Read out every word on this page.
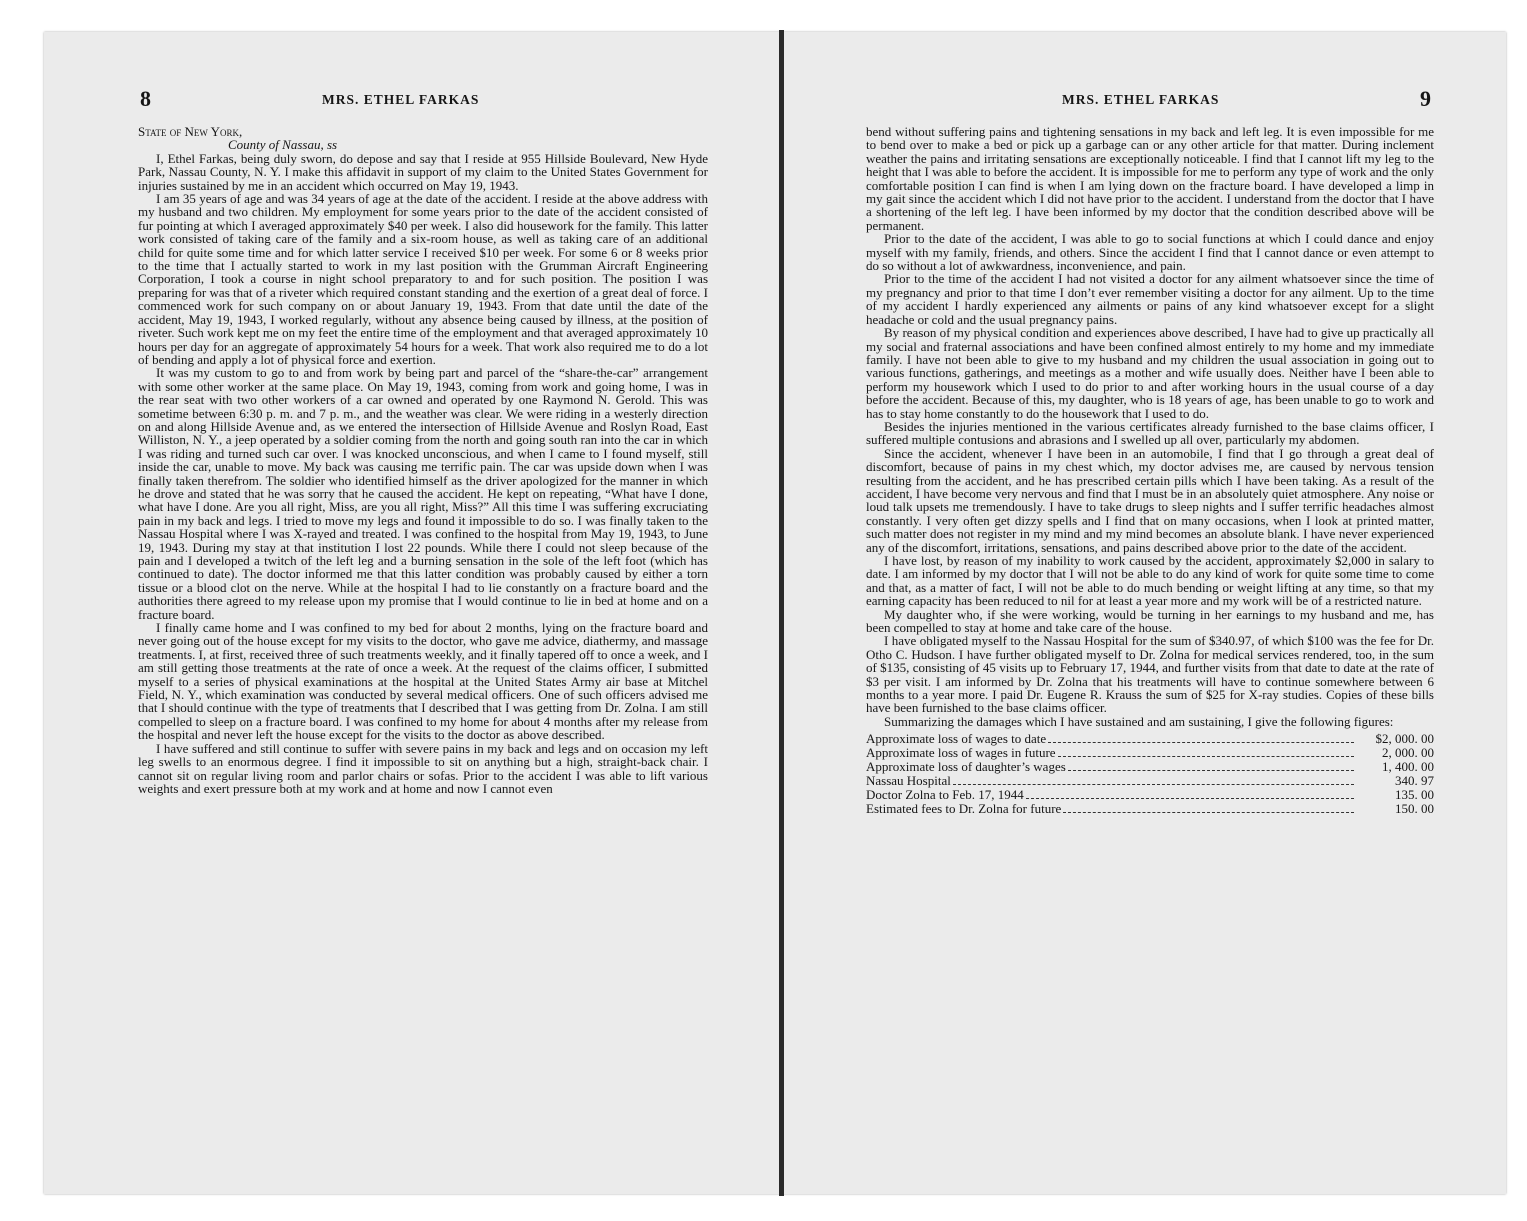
8	MRS. ETHEL FARKAS

State of New York,

County of Nassau, ss

I, Ethel Farkas, being duly sworn, do depose and say that I reside at 955 Hillside Boulevard, New Hyde Park, Nassau County, N. Y. I make this affidavit in support of my claim to the United States Government for injuries sustained by me in an accident which occurred on May 19, 1943.

I am 35 years of age and was 34 years of age at the date of the accident. I reside at the above address with my husband and two children. My employment for some years prior to the date of the accident consisted of fur pointing at which I averaged approximately $40 per week. I also did housework for the family. This latter work consisted of taking care of the family and a six-room house, as well as taking care of an additional child for quite some time and for which latter service I received $10 per week. For some 6 or 8 weeks prior to the time that I actually started to work in my last position with the Grumman Aircraft Engineering Corporation, I took a course in night school preparatory to and for such position. The position I was preparing for was that of a riveter which required constant standing and the exertion of a great deal of force. I commenced work for such company on or about January 19, 1943. From that date until the date of the accident, May 19, 1943, I worked regularly, without any absence being caused by illness, at the position of riveter. Such work kept me on my feet the entire time of the employment and that averaged approximately 10 hours per day for an aggregate of approximately 54 hours for a week. That work also required me to do a lot of bending and apply a lot of physical force and exertion.

It was my custom to go to and from work by being part and parcel of the “share-the-car” arrangement with some other worker at the same place. On May 19, 1943, coming from work and going home, I was in the rear seat with two other workers of a car owned and operated by one Raymond N. Gerold. This was sometime between 6:30 p. m. and 7 p. m., and the weather was clear. We were riding in a westerly direction on and along Hillside Avenue and, as we entered the intersection of Hillside Avenue and Roslyn Road, East Williston, N. Y., a jeep operated by a soldier coming from the north and going south ran into the car in which I was riding and turned such car over. I was knocked unconscious, and when I came to I found myself, still inside the car, unable to move. My back was causing me terrific pain. The car was upside down when I was finally taken therefrom. The soldier who identified himself as the driver apologized for the manner in which he drove and stated that he was sorry that he caused the accident. He kept on repeating, “What have I done, what have I done. Are you all right, Miss, are you all right, Miss?” All this time I was suffering excruciating pain in my back and legs. I tried to move my legs and found it impossible to do so. I was finally taken to the Nassau Hospital where I was X-rayed and treated. I was confined to the hospital from May 19, 1943, to June 19, 1943. During my stay at that institution I lost 22 pounds. While there I could not sleep because of the pain and I developed a twitch of the left leg and a burning sensation in the sole of the left foot (which has continued to date). The doctor informed me that this latter condition was probably caused by either a torn tissue or a blood clot on the nerve. While at the hospital I had to lie constantly on a fracture board and the authorities there agreed to my release upon my promise that I would continue to lie in bed at home and on a fracture board.

I finally came home and I was confined to my bed for about 2 months, lying on the fracture board and never going out of the house except for my visits to the doctor, who gave me advice, diathermy, and massage treatments. I, at first, received three of such treatments weekly, and it finally tapered off to once a week, and I am still getting those treatments at the rate of once a week. At the request of the claims officer, I submitted myself to a series of physical examinations at the hospital at the United States Army air base at Mitchel Field, N. Y., which examination was conducted by several medical officers. One of such officers advised me that I should continue with the type of treatments that I described that I was getting from Dr. Zolna. I am still compelled to sleep on a fracture board. I was confined to my home for about 4 months after my release from the hospital and never left the house except for the visits to the doctor as above described.

I have suffered and still continue to suffer with severe pains in my back and legs and on occasion my left leg swells to an enormous degree. I find it impossible to sit on anything but a high, straight-back chair. I cannot sit on regular living room and parlor chairs or sofas. Prior to the accident I was able to lift various weights and exert pressure both at my work and at home and now I cannot even

MRS. ETHEL FARKAS	9

bend without suffering pains and tightening sensations in my back and left leg. It is even impossible for me to bend over to make a bed or pick up a garbage can or any other article for that matter. During inclement weather the pains and irritating sensations are exceptionally noticeable. I find that I cannot lift my leg to the height that I was able to before the accident. It is impossible for me to perform any type of work and the only comfortable position I can find is when I am lying down on the fracture board. I have developed a limp in my gait since the accident which I did not have prior to the accident. I understand from the doctor that I have a shortening of the left leg. I have been informed by my doctor that the condition described above will be permanent.

Prior to the date of the accident, I was able to go to social functions at which I could dance and enjoy myself with my family, friends, and others. Since the accident I find that I cannot dance or even attempt to do so without a lot of awkwardness, inconvenience, and pain.

Prior to the time of the accident I had not visited a doctor for any ailment whatsoever since the time of my pregnancy and prior to that time I don’t ever remember visiting a doctor for any ailment. Up to the time of my accident I hardly experienced any ailments or pains of any kind whatsoever except for a slight headache or cold and the usual pregnancy pains.

By reason of my physical condition and experiences above described, I have had to give up practically all my social and fraternal associations and have been confined almost entirely to my home and my immediate family. I have not been able to give to my husband and my children the usual association in going out to various functions, gatherings, and meetings as a mother and wife usually does. Neither have I been able to perform my housework which I used to do prior to and after working hours in the usual course of a day before the accident. Because of this, my daughter, who is 18 years of age, has been unable to go to work and has to stay home constantly to do the housework that I used to do.

Besides the injuries mentioned in the various certificates already furnished to the base claims officer, I suffered multiple contusions and abrasions and I swelled up all over, particularly my abdomen.

Since the accident, whenever I have been in an automobile, I find that I go through a great deal of discomfort, because of pains in my chest which, my doctor advises me, are caused by nervous tension resulting from the accident, and he has prescribed certain pills which I have been taking. As a result of the accident, I have become very nervous and find that I must be in an absolutely quiet atmosphere. Any noise or loud talk upsets me tremendously. I have to take drugs to sleep nights and I suffer terrific headaches almost constantly. I very often get dizzy spells and I find that on many occasions, when I look at printed matter, such matter does not register in my mind and my mind becomes an absolute blank. I have never experienced any of the discomfort, irritations, sensations, and pains described above prior to the date of the accident.

I have lost, by reason of my inability to work caused by the accident, approximately $2,000 in salary to date. I am informed by my doctor that I will not be able to do any kind of work for quite some time to come and that, as a matter of fact, I will not be able to do much bending or weight lifting at any time, so that my earning capacity has been reduced to nil for at least a year more and my work will be of a restricted nature.

My daughter who, if she were working, would be turning in her earnings to my husband and me, has been compelled to stay at home and take care of the house.

I have obligated myself to the Nassau Hospital for the sum of $340.97, of which $100 was the fee for Dr. Otho C. Hudson. I have further obligated myself to Dr. Zolna for medical services rendered, too, in the sum of $135, consisting of 45 visits up to February 17, 1944, and further visits from that date to date at the rate of $3 per visit. I am informed by Dr. Zolna that his treatments will have to continue somewhere between 6 months to a year more. I paid Dr. Eugene R. Krauss the sum of $25 for X-ray studies. Copies of these bills have been furnished to the base claims officer.

Summarizing the damages which I have sustained and am sustaining, I give the following figures:

Approximate loss of wages to date	$2, 000. 00
Approximate loss of wages in future	2, 000. 00
Approximate loss of daughter’s wages	1, 400. 00
Nassau Hospital	340. 97
Doctor Zolna to Feb. 17, 1944	135. 00
Estimated fees to Dr. Zolna for future	150. 00
